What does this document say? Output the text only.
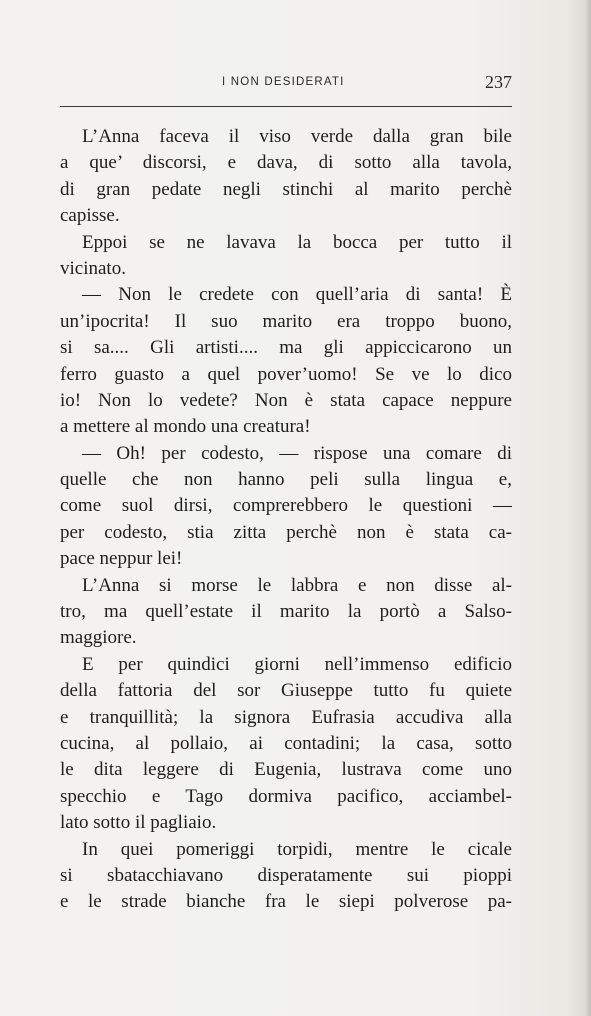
I NON DESIDERATI	237
L’Anna faceva il viso verde dalla gran bile
a que’ discorsi, e dava, di sotto alla tavola,
di gran pedate negli stinchi al marito perchè
capisse.
Eppoi se ne lavava la bocca per tutto il
vicinato.
— Non le credete con quell’aria di santa! È
un’ipocrita! Il suo marito era troppo buono,
si sa.... Gli artisti.... ma gli appiccicarono un
ferro guasto a quel pover’uomo! Se ve lo dico
io! Non lo vedete? Non è stata capace neppure
a mettere al mondo una creatura!
— Oh! per codesto, — rispose una comare di
quelle che non hanno peli sulla lingua e,
come suol dirsi, comprerebbero le questioni —
per codesto, stia zitta perchè non è stata ca-
pace neppur lei!
L’Anna si morse le labbra e non disse al-
tro, ma quell’estate il marito la portò a Salso-
maggiore.
E per quindici giorni nell’immenso edificio
della fattoria del sor Giuseppe tutto fu quiete
e tranquillità; la signora Eufrasia accudiva alla
cucina, al pollaio, ai contadini; la casa, sotto
le dita leggere di Eugenia, lustrava come uno
specchio e Tago dormiva pacifico, acciambel-
lato sotto il pagliaio.
In quei pomeriggi torpidi, mentre le cicale
si sbatacchiavano disperatamente sui pioppi
e le strade bianche fra le siepi polverose pa-
